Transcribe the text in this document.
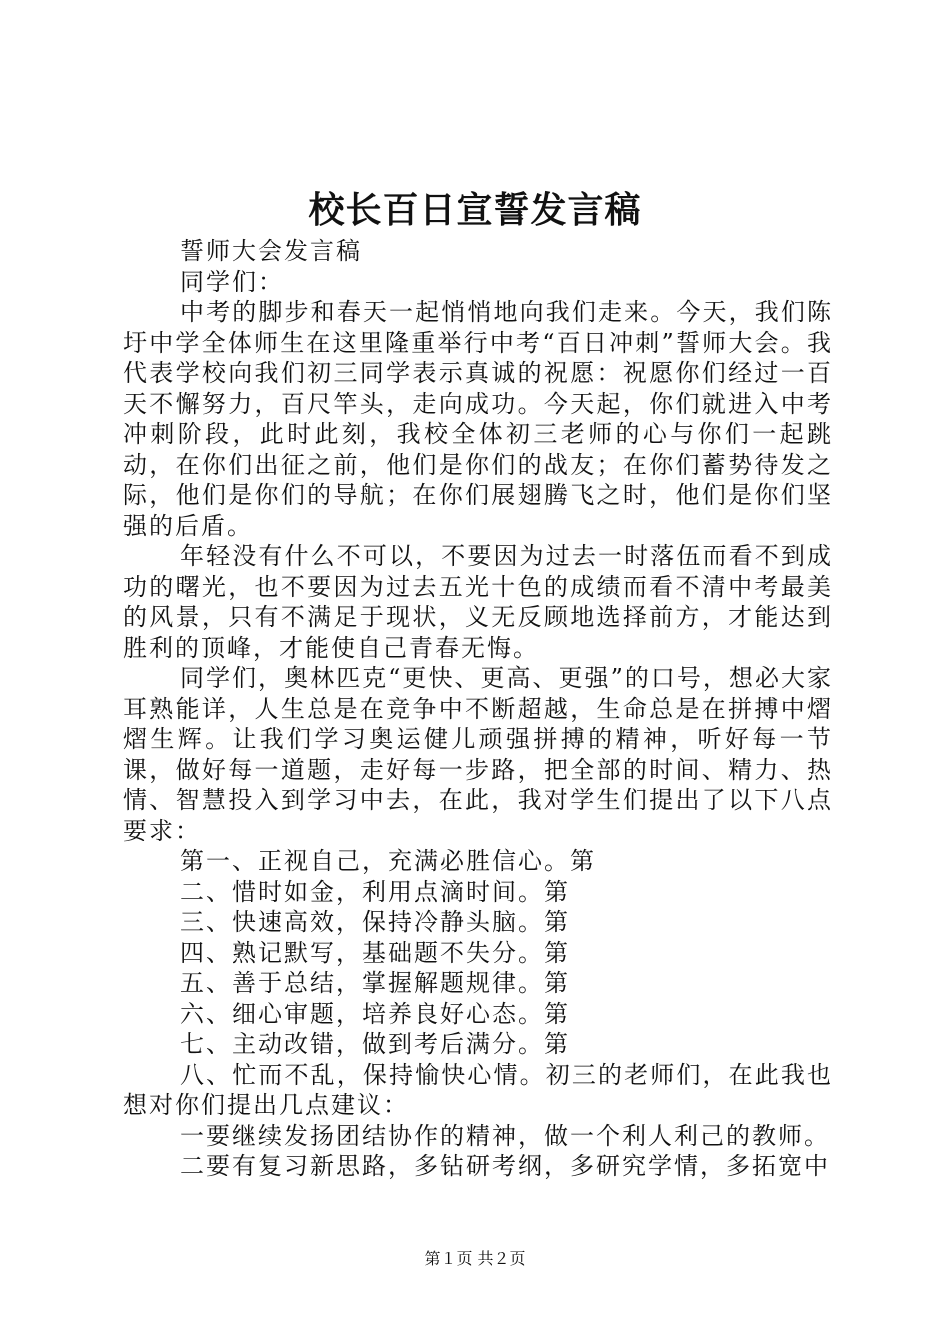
校长百日宣誓发言稿

誓师大会发言稿

同学们：

中考的脚步和春天一起悄悄地向我们走来。今天，我们陈圩中学全体师生在这里隆重举行中考“百日冲刺”誓师大会。我代表学校向我们初三同学表示真诚的祝愿：祝愿你们经过一百天不懈努力，百尺竿头，走向成功。今天起，你们就进入中考冲刺阶段，此时此刻，我校全体初三老师的心与你们一起跳动，在你们出征之前，他们是你们的战友；在你们蓄势待发之际，他们是你们的导航；在你们展翅腾飞之时，他们是你们坚强的后盾。

年轻没有什么不可以，不要因为过去一时落伍而看不到成功的曙光，也不要因为过去五光十色的成绩而看不清中考最美的风景，只有不满足于现状，义无反顾地选择前方，才能达到胜利的顶峰，才能使自己青春无悔。

同学们，奥林匹克“更快、更高、更强”的口号，想必大家耳熟能详，人生总是在竞争中不断超越，生命总是在拼搏中熠熠生辉。让我们学习奥运健儿顽强拼搏的精神，听好每一节课，做好每一道题，走好每一步路，把全部的时间、精力、热情、智慧投入到学习中去，在此，我对学生们提出了以下八点要求：

第一、正视自己，充满必胜信心。第

二、惜时如金，利用点滴时间。第

三、快速高效，保持冷静头脑。第

四、熟记默写，基础题不失分。第

五、善于总结，掌握解题规律。第

六、细心审题，培养良好心态。第

七、主动改错，做到考后满分。第

八、忙而不乱，保持愉快心情。初三的老师们，在此我也想对你们提出几点建议：

一要继续发扬团结协作的精神，做一个利人利己的教师。

二要有复习新思路，多钻研考纲，多研究学情，多拓宽中

第１页 共２页
